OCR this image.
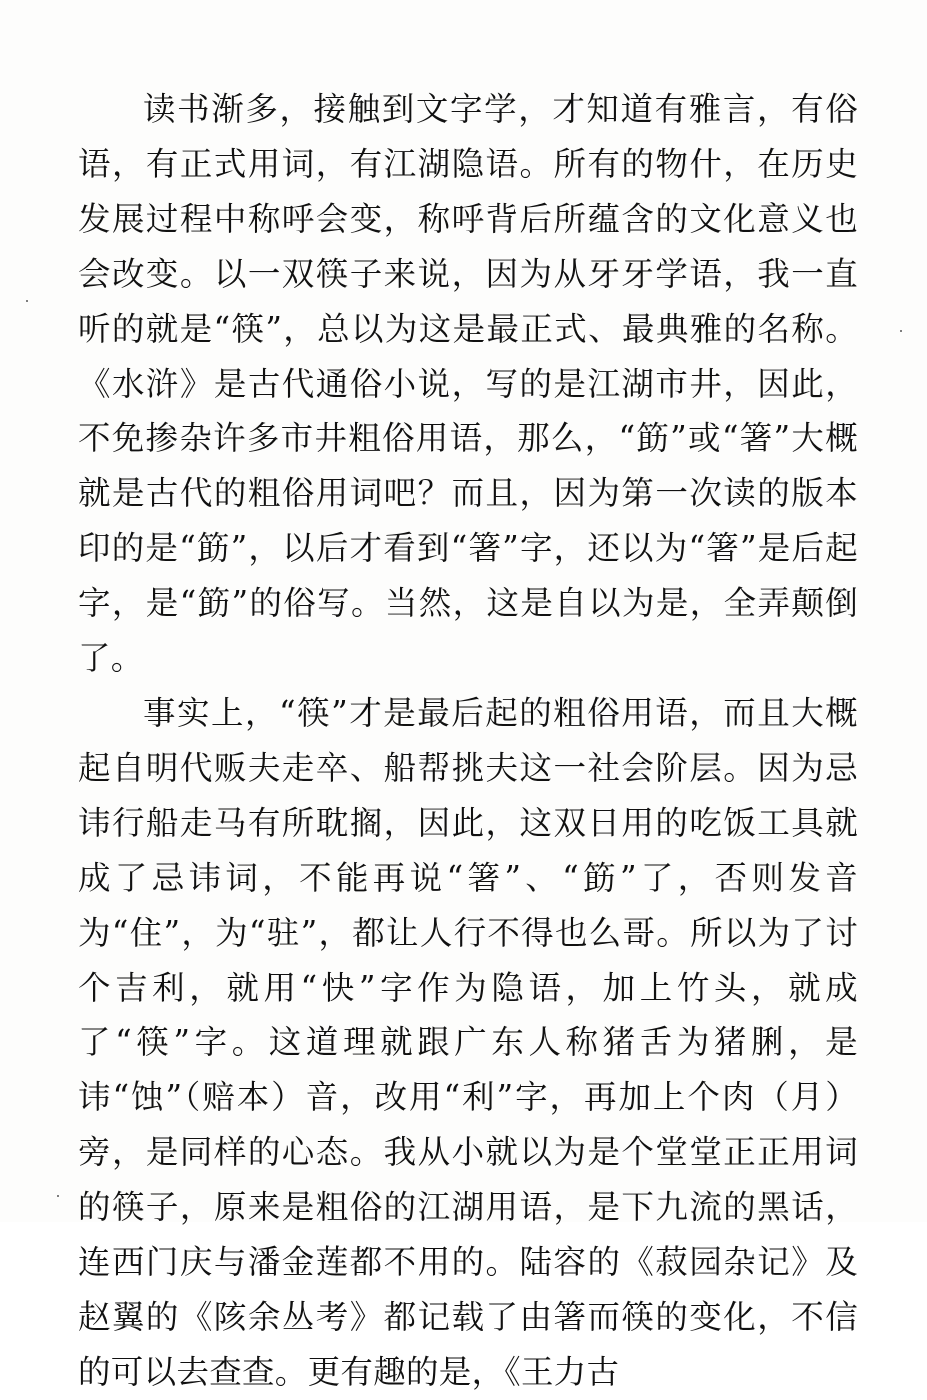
读书渐多，接触到文字学，才知道有雅言，有俗语，有正式用词，有江湖隐语。所有的物什，在历史发展过程中称呼会变，称呼背后所蕴含的文化意义也会改变。以一双筷子来说，因为从牙牙学语，我一直听的就是“筷”，总以为这是最正式、最典雅的名称。《水浒》是古代通俗小说，写的是江湖市井，因此，不免掺杂许多市井粗俗用语，那么，“筯”或“箸”大概就是古代的粗俗用词吧？而且，因为第一次读的版本印的是“筯”，以后才看到“箸”字，还以为“箸”是后起字，是“筯”的俗写。当然，这是自以为是，全弄颠倒了。

事实上，“筷”才是最后起的粗俗用语，而且大概起自明代贩夫走卒、船帮挑夫这一社会阶层。因为忌讳行船走马有所耽搁，因此，这双日用的吃饭工具就成了忌讳词，不能再说“箸”、“筯”了，否则发音为“住”，为“驻”，都让人行不得也么哥。所以为了讨个吉利，就用“快”字作为隐语，加上竹头，就成了“筷”字。这道理就跟广东人称猪舌为猪脷，是讳“蚀”（赔本）音，改用“利”字，再加上个肉（月）旁，是同样的心态。我从小就以为是个堂堂正正用词的筷子，原来是粗俗的江湖用语，是下九流的黑话，连西门庆与潘金莲都不用的。陆容的《菽园杂记》及赵翼的《陔余丛考》都记载了由箸而筷的变化，不信的可以去查查。更有趣的是，《王力古
